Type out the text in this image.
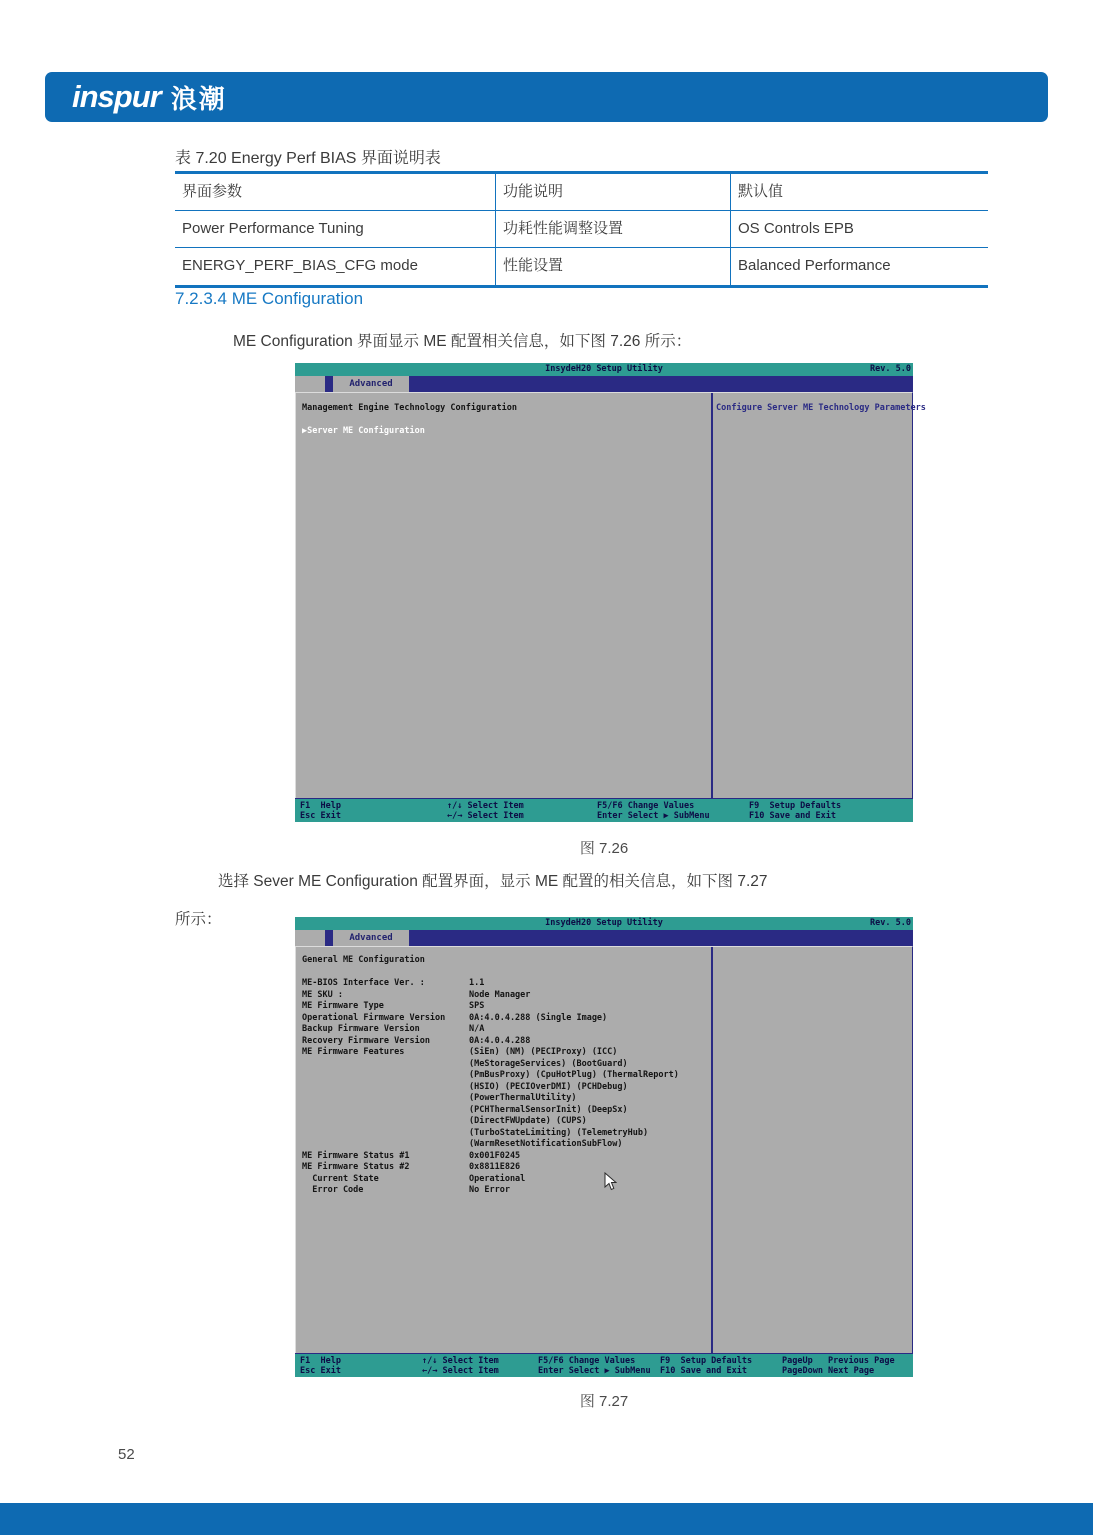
inspur 浪潮
表 7.20 Energy Perf BIAS 界面说明表
界面参数	功能说明	默认值
Power Performance Tuning	功耗性能调整设置	OS Controls EPB
ENERGY_PERF_BIAS_CFG mode	性能设置	Balanced Performance
7.2.3.4 ME Configuration
ME Configuration 界面显示 ME 配置相关信息，如下图 7.26 所示：
InsydeH20 Setup Utility	Rev. 5.0
Advanced
Management Engine Technology Configuration
▶Server ME Configuration
Configure Server ME Technology Parameters
F1  Help	↑/↓ Select Item	F5/F6 Change Values	F9  Setup Defaults
Esc Exit	←/→ Select Item	Enter Select ▶ SubMenu	F10 Save and Exit
图 7.26
选择 Sever ME Configuration 配置界面，显示 ME 配置的相关信息，如下图 7.27
所示：	InsydeH20 Setup Utility	Rev. 5.0
Advanced
General ME Configuration
ME-BIOS Interface Ver. :	1.1
ME SKU :	Node Manager
ME Firmware Type	SPS
Operational Firmware Version	0A:4.0.4.288 (Single Image)
Backup Firmware Version	N/A
Recovery Firmware Version	0A:4.0.4.288
ME Firmware Features	(SiEn) (NM) (PECIProxy) (ICC)
(MeStorageServices) (BootGuard)
(PmBusProxy) (CpuHotPlug) (ThermalReport)
(HSIO) (PECIOverDMI) (PCHDebug)
(PowerThermalUtility)
(PCHThermalSensorInit) (DeepSx)
(DirectFWUpdate) (CUPS)
(TurboStateLimiting) (TelemetryHub)
(WarmResetNotificationSubFlow)
ME Firmware Status #1	0x001F0245
ME Firmware Status #2	0x8811E826
Current State	Operational
Error Code	No Error
F1  Help	↑/↓ Select Item	F5/F6 Change Values	F9  Setup Defaults	PageUp   Previous Page
Esc Exit	←/→ Select Item	Enter Select ▶ SubMenu F10 Save and Exit	PageDown Next Page
图 7.27
52
